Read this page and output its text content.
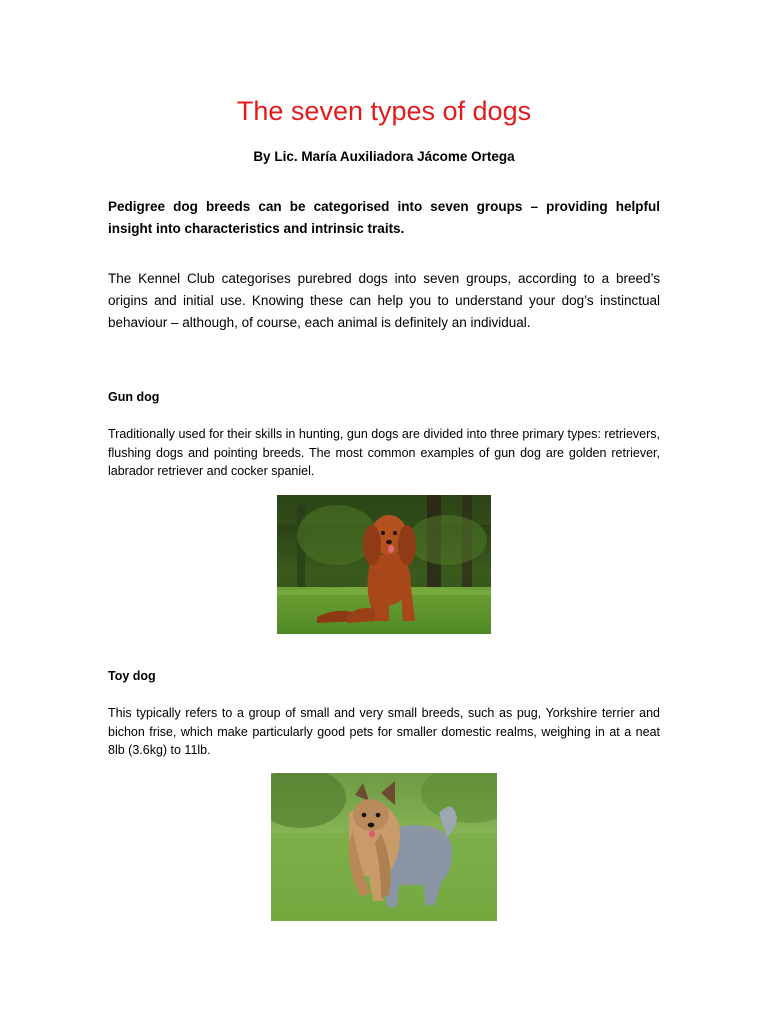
The seven types of dogs

By Lic. María Auxiliadora Jácome Ortega

Pedigree dog breeds can be categorised into seven groups – providing helpful insight into characteristics and intrinsic traits.

The Kennel Club categorises purebred dogs into seven groups, according to a breed’s origins and initial use. Knowing these can help you to understand your dog’s instinctual behaviour – although, of course, each animal is definitely an individual.

Gun dog

Traditionally used for their skills in hunting, gun dogs are divided into three primary types: retrievers, flushing dogs and pointing breeds. The most common examples of gun dog are golden retriever, labrador retriever and cocker spaniel.

Toy dog

This typically refers to a group of small and very small breeds, such as pug, Yorkshire terrier and bichon frise, which make particularly good pets for smaller domestic realms, weighing in at a neat 8lb (3.6kg) to 11lb.
